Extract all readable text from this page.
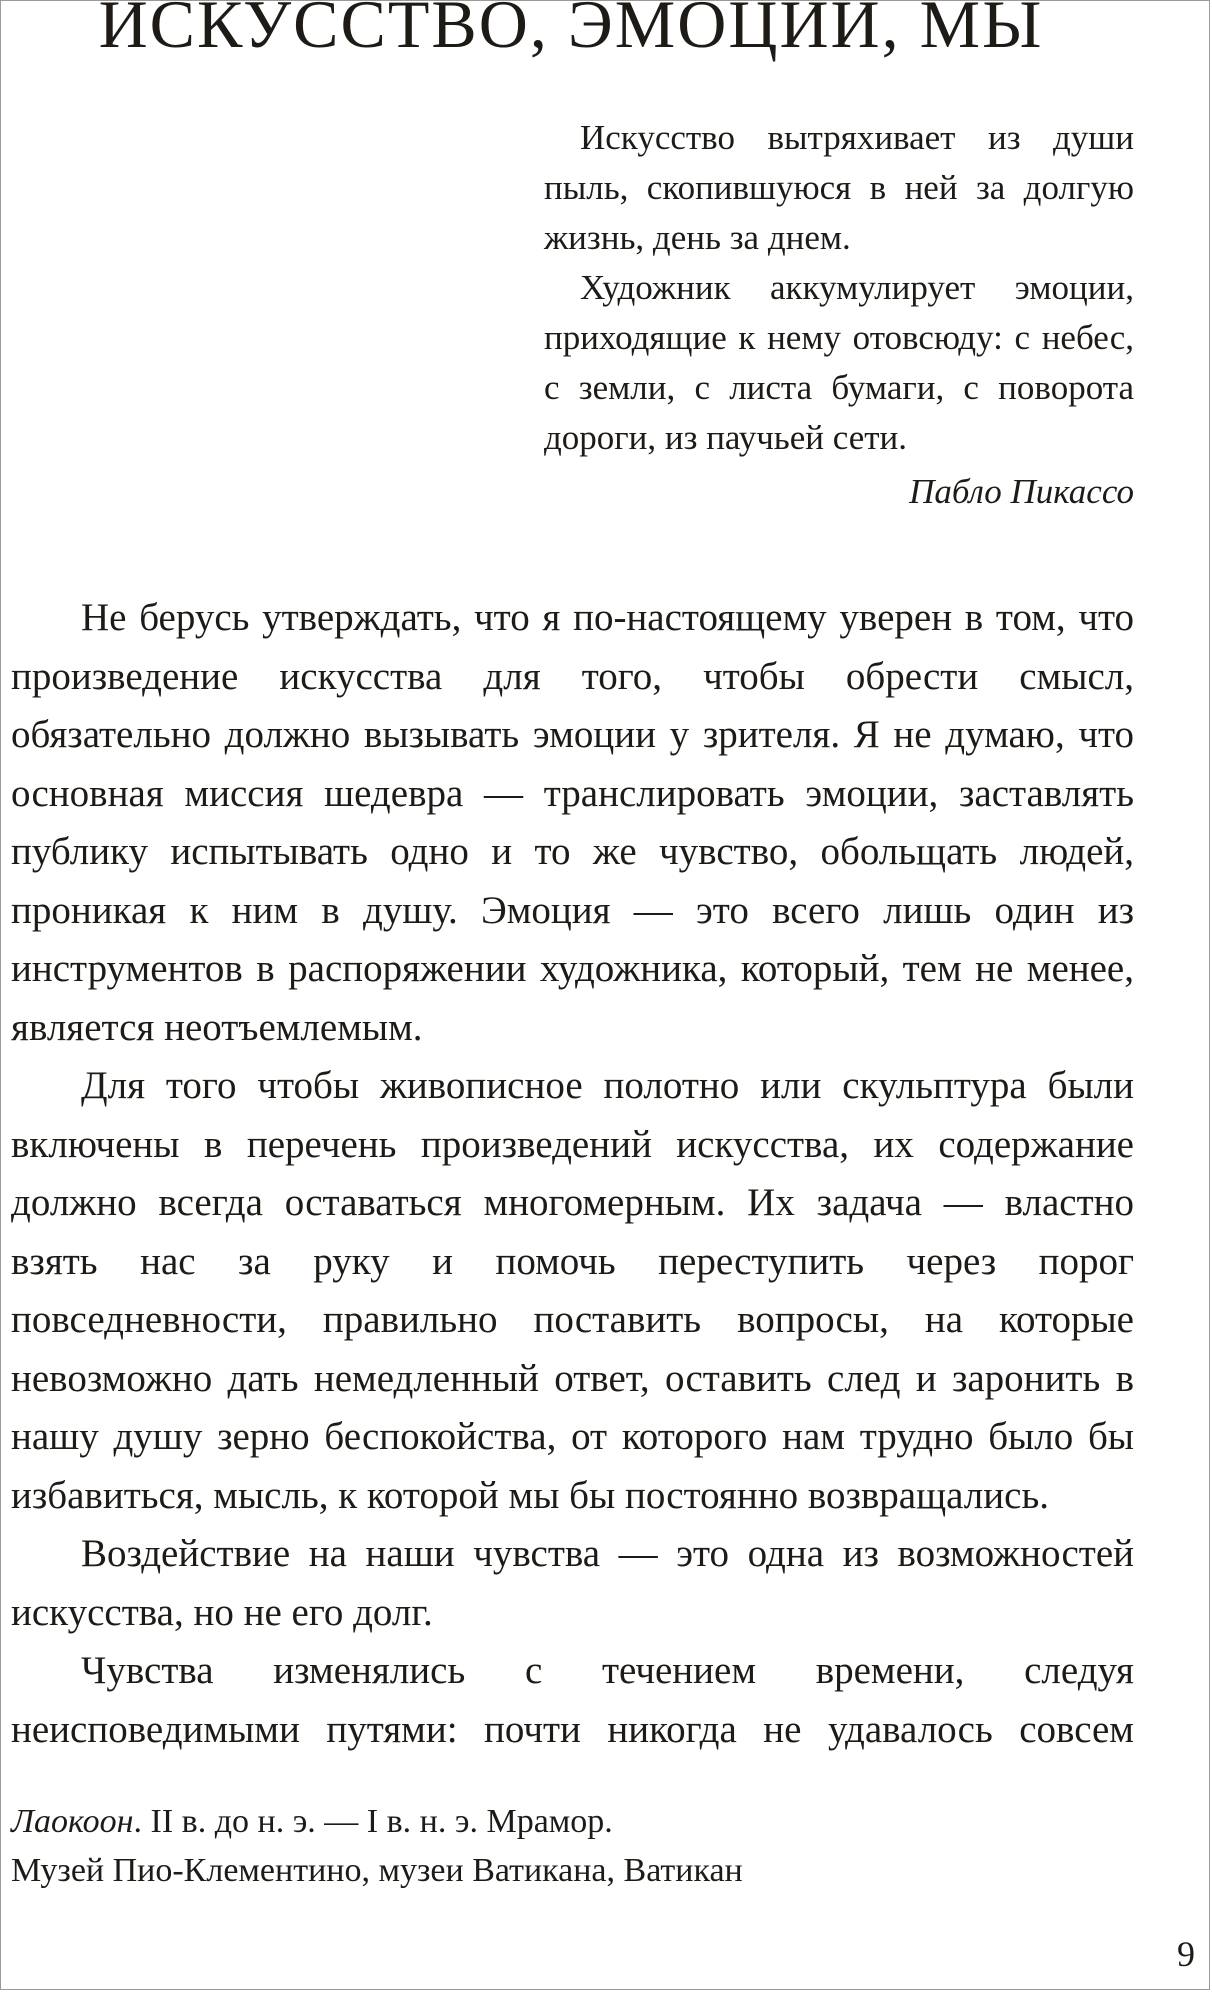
ИСКУССТВО, ЭМОЦИИ, МЫ

Искусство вытряхивает из души пыль, скопившуюся в ней за долгую жизнь, день за днем.

Художник аккумулирует эмоции, приходящие к нему отовсюду: с небес, с земли, с листа бумаги, с поворота дороги, из паучьей сети.

Пабло Пикассо

Не берусь утверждать, что я по-настоящему уверен в том, что произведение искусства для того, чтобы обрести смысл, обязательно должно вызывать эмоции у зрителя. Я не думаю, что основная миссия шедевра — транслировать эмоции, заставлять публику испытывать одно и то же чувство, обольщать людей, проникая к ним в душу. Эмоция — это всего лишь один из инструментов в распоряжении художника, который, тем не менее, является неотъемлемым.

Для того чтобы живописное полотно или скульптура были включены в перечень произведений искусства, их содержание должно всегда оставаться многомерным. Их задача — властно взять нас за руку и помочь переступить через порог повседневности, правильно поставить вопросы, на которые невозможно дать немедленный ответ, оставить след и заронить в нашу душу зерно беспокойства, от которого нам трудно было бы избавиться, мысль, к которой мы бы постоянно возвращались.

Воздействие на наши чувства — это одна из возможностей искусства, но не его долг.

Чувства изменялись с течением времени, следуя неисповедимыми путями: почти никогда не удавалось совсем

Лаокоон. II в. до н. э. — I в. н. э. Мрамор.
Музей Пио-Клементино, музеи Ватикана, Ватикан
9
